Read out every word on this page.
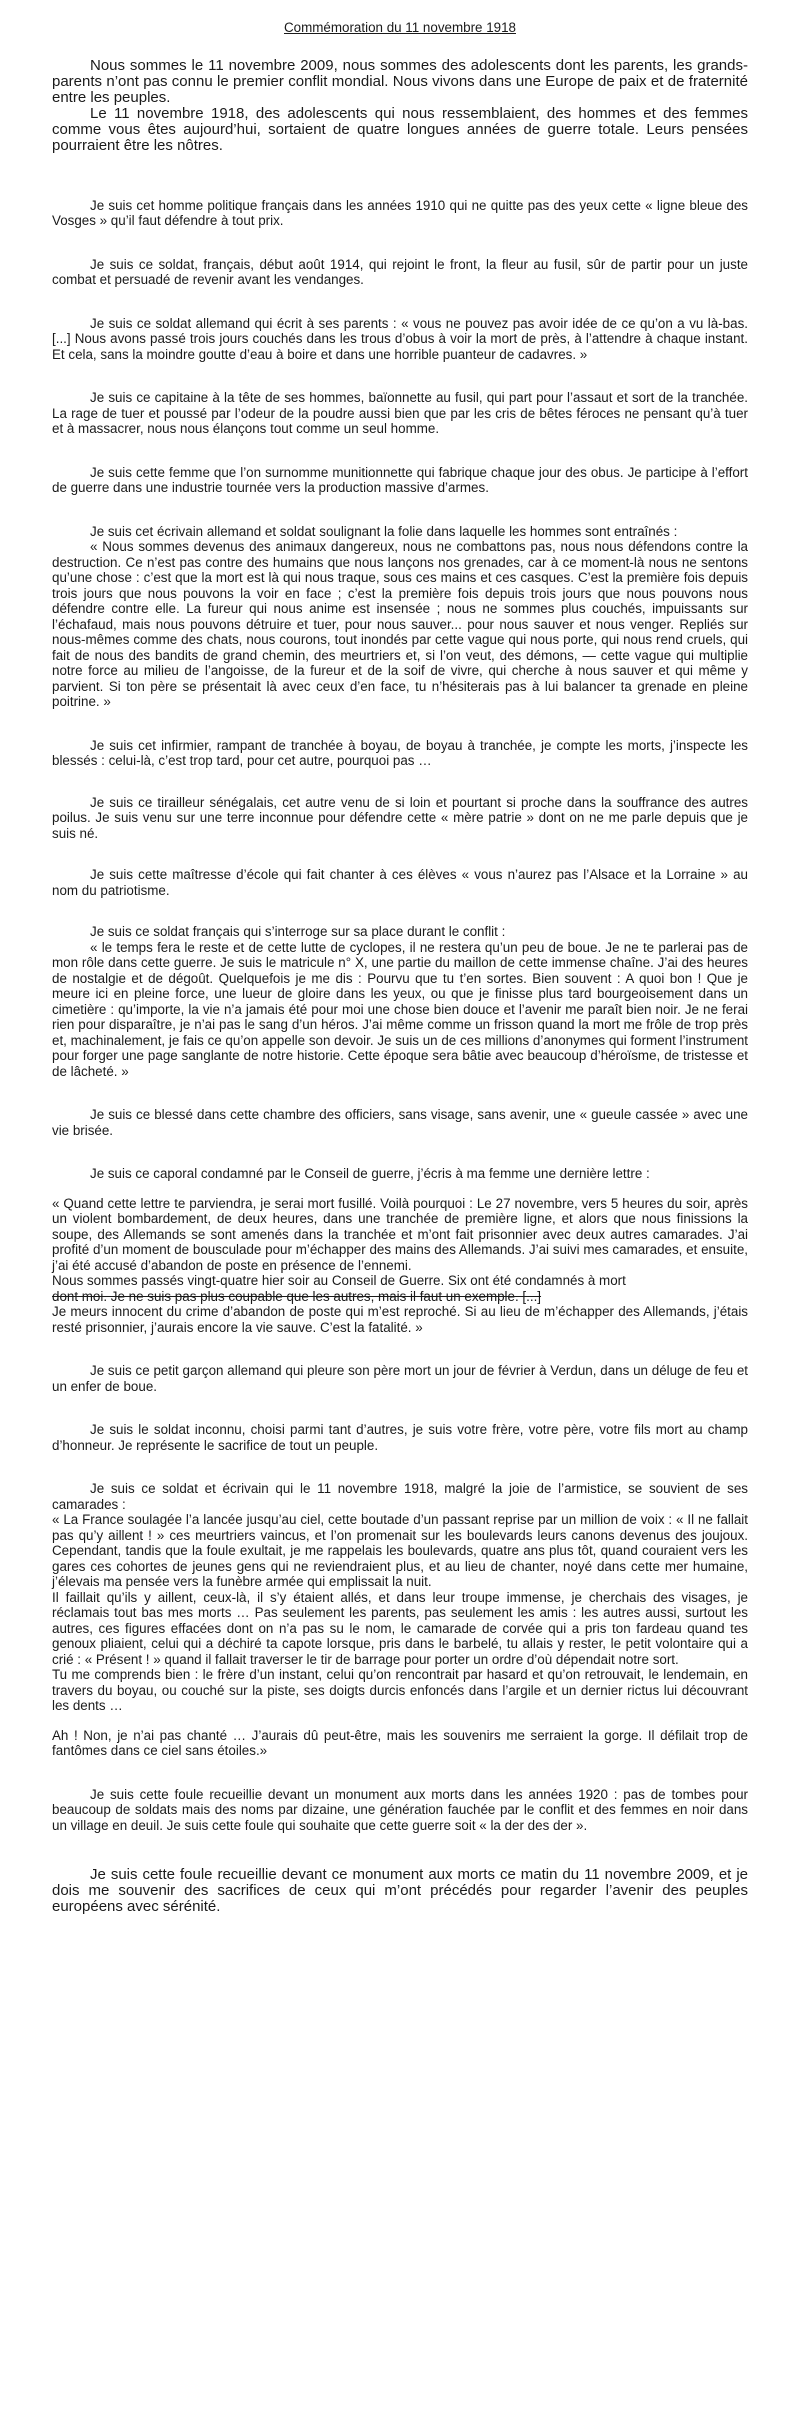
Commémoration du 11 novembre 1918

Nous sommes le 11 novembre 2009, nous sommes des adolescents dont les parents, les grands-parents n’ont pas connu le premier conflit mondial. Nous vivons dans une Europe de paix et de fraternité entre les peuples.

Le 11 novembre 1918, des adolescents qui nous ressemblaient, des hommes et des femmes comme vous êtes aujourd’hui, sortaient de quatre longues années de guerre totale. Leurs pensées pourraient être les nôtres.

Je suis cet homme politique français dans les années 1910 qui ne quitte pas des yeux cette « ligne bleue des Vosges » qu’il faut défendre à tout prix.

Je suis ce soldat, français, début août 1914, qui rejoint le front, la fleur au fusil, sûr de partir pour un juste combat et persuadé de revenir avant les vendanges.

Je suis ce soldat allemand qui écrit à ses parents : « vous ne pouvez pas avoir idée de ce qu’on a vu là-bas. [...] Nous avons passé trois jours couchés dans les trous d’obus à voir la mort de près, à l’attendre à chaque instant. Et cela, sans la moindre goutte d’eau à boire et dans une horrible puanteur de cadavres. »

Je suis ce capitaine à la tête de ses hommes, baïonnette au fusil, qui part pour l’assaut et sort de la tranchée. La rage de tuer et poussé par l’odeur de la poudre aussi bien que par les cris de bêtes féroces ne pensant qu’à tuer et à massacrer, nous nous élançons tout comme un seul homme.

Je suis cette femme que l’on surnomme munitionnette qui fabrique chaque jour des obus. Je participe à l’effort de guerre dans une industrie tournée vers la production massive d’armes.

Je suis cet écrivain allemand et soldat soulignant la folie dans laquelle les hommes sont entraînés :

« Nous sommes devenus des animaux dangereux, nous ne combattons pas, nous nous défendons contre la destruction. Ce n’est pas contre des humains que nous lançons nos grenades, car à ce moment-là nous ne sentons qu’une chose : c’est que la mort est là qui nous traque, sous ces mains et ces casques. C’est la première fois depuis trois jours que nous pouvons la voir en face ; c’est la première fois depuis trois jours que nous pouvons nous défendre contre elle. La fureur qui nous anime est insensée ; nous ne sommes plus couchés, impuissants sur l’échafaud, mais nous pouvons détruire et tuer, pour nous sauver... pour nous sauver et nous venger. Repliés sur nous-mêmes comme des chats, nous courons, tout inondés par cette vague qui nous porte, qui nous rend cruels, qui fait de nous des bandits de grand chemin, des meurtriers et, si l’on veut, des démons, — cette vague qui multiplie notre force au milieu de l’angoisse, de la fureur et de la soif de vivre, qui cherche à nous sauver et qui même y parvient. Si ton père se présentait là avec ceux d’en face, tu n’hésiterais pas à lui balancer ta grenade en pleine poitrine. »

Je suis cet infirmier, rampant de tranchée à boyau, de boyau à tranchée, je compte les morts, j’inspecte les blessés : celui-là, c’est trop tard, pour cet autre, pourquoi pas …

Je suis ce tirailleur sénégalais, cet autre venu de si loin et pourtant si proche dans la souffrance des autres poilus. Je suis venu sur une terre inconnue pour défendre cette « mère patrie » dont on ne me parle depuis que je suis né.

Je suis cette maîtresse d’école qui fait chanter à ces élèves « vous n’aurez pas l’Alsace et la Lorraine » au nom du patriotisme.

Je suis ce soldat français qui s’interroge sur sa place durant le conflit :

« le temps fera le reste et de cette lutte de cyclopes, il ne restera qu’un peu de boue. Je ne te parlerai pas de mon rôle dans cette guerre. Je suis le matricule n° X, une partie du maillon de cette immense chaîne. J’ai des heures de nostalgie et de dégoût. Quelquefois je me dis : Pourvu que tu t’en sortes. Bien souvent : A quoi bon ! Que je meure ici en pleine force, une lueur de gloire dans les yeux, ou que je finisse plus tard bourgeoisement dans un cimetière : qu’importe, la vie n’a jamais été pour moi une chose bien douce et l’avenir me paraît bien noir. Je ne ferai rien pour disparaître, je n’ai pas le sang d’un héros. J’ai même comme un frisson quand la mort me frôle de trop près et, machinalement, je fais ce qu’on appelle son devoir. Je suis un de ces millions d’anonymes qui forment l’instrument pour forger une page sanglante de notre historie. Cette époque sera bâtie avec beaucoup d’héroïsme, de tristesse et de lâcheté. »

Je suis ce blessé dans cette chambre des officiers, sans visage, sans avenir, une « gueule cassée » avec une vie brisée.

Je suis ce caporal condamné par le Conseil de guerre, j’écris à ma femme une dernière lettre :

« Quand cette lettre te parviendra, je serai mort fusillé. Voilà pourquoi : Le 27 novembre, vers 5 heures du soir, après un violent bombardement, de deux heures, dans une tranchée de première ligne, et alors que nous finissions la soupe, des Allemands se sont amenés dans la tranchée et m’ont fait prisonnier avec deux autres camarades. J’ai profité d’un moment de bousculade pour m’échapper des mains des Allemands. J’ai suivi mes camarades, et ensuite, j’ai été accusé d’abandon de poste en présence de l’ennemi.

Nous sommes passés vingt-quatre hier soir au Conseil de Guerre. Six ont été condamnés à mort

dont moi. Je ne suis pas plus coupable que les autres, mais il faut un exemple. [...]

Je meurs innocent du crime d’abandon de poste qui m’est reproché. Si au lieu de m’échapper des Allemands, j’étais resté prisonnier, j’aurais encore la vie sauve. C’est la fatalité. »

Je suis ce petit garçon allemand qui pleure son père mort un jour de février à Verdun, dans un déluge de feu et un enfer de boue.

Je suis le soldat inconnu, choisi parmi tant d’autres, je suis votre frère, votre père, votre fils mort au champ d’honneur. Je représente le sacrifice de tout un peuple.

Je suis ce soldat et écrivain qui le 11 novembre 1918, malgré la joie de l’armistice, se souvient de ses camarades :

« La France soulagée l’a lancée jusqu’au ciel, cette boutade d’un passant reprise par un million de voix : « Il ne fallait pas qu’y aillent ! » ces meurtriers vaincus, et l’on promenait sur les boulevards leurs canons devenus des joujoux. Cependant, tandis que la foule exultait, je me rappelais les boulevards, quatre ans plus tôt, quand couraient vers les gares ces cohortes de jeunes gens qui ne reviendraient plus, et au lieu de chanter, noyé dans cette mer humaine, j’élevais ma pensée vers la funèbre armée qui emplissait la nuit.

Il faillait qu’ils y aillent, ceux-là, il s’y étaient allés, et dans leur troupe immense, je cherchais des visages, je réclamais tout bas mes morts … Pas seulement les parents, pas seulement les amis : les autres aussi, surtout les autres, ces figures effacées dont on n’a pas su le nom, le camarade de corvée qui a pris ton fardeau quand tes genoux pliaient, celui qui a déchiré ta capote lorsque, pris dans le barbelé, tu allais y rester, le petit volontaire qui a crié : « Présent ! » quand il fallait traverser le tir de barrage pour porter un ordre d’où dépendait notre sort.

Tu me comprends bien : le frère d’un instant, celui qu’on rencontrait par hasard et qu’on retrouvait, le lendemain, en travers du boyau, ou couché sur la piste, ses doigts durcis enfoncés dans l’argile et un dernier rictus lui découvrant les dents …

Ah ! Non, je n’ai pas chanté … J’aurais dû peut-être, mais les souvenirs me serraient la gorge. Il défilait trop de fantômes dans ce ciel sans étoiles.»

Je suis cette foule recueillie devant un monument aux morts dans les années 1920 : pas de tombes pour beaucoup de soldats mais des noms par dizaine, une génération fauchée par le conflit et des femmes en noir dans un village en deuil. Je suis cette foule qui souhaite que cette guerre soit « la der des der ».

Je suis cette foule recueillie devant ce monument aux morts ce matin du 11 novembre 2009, et je dois me souvenir des sacrifices de ceux qui m’ont précédés pour regarder l’avenir des peuples européens avec sérénité.
